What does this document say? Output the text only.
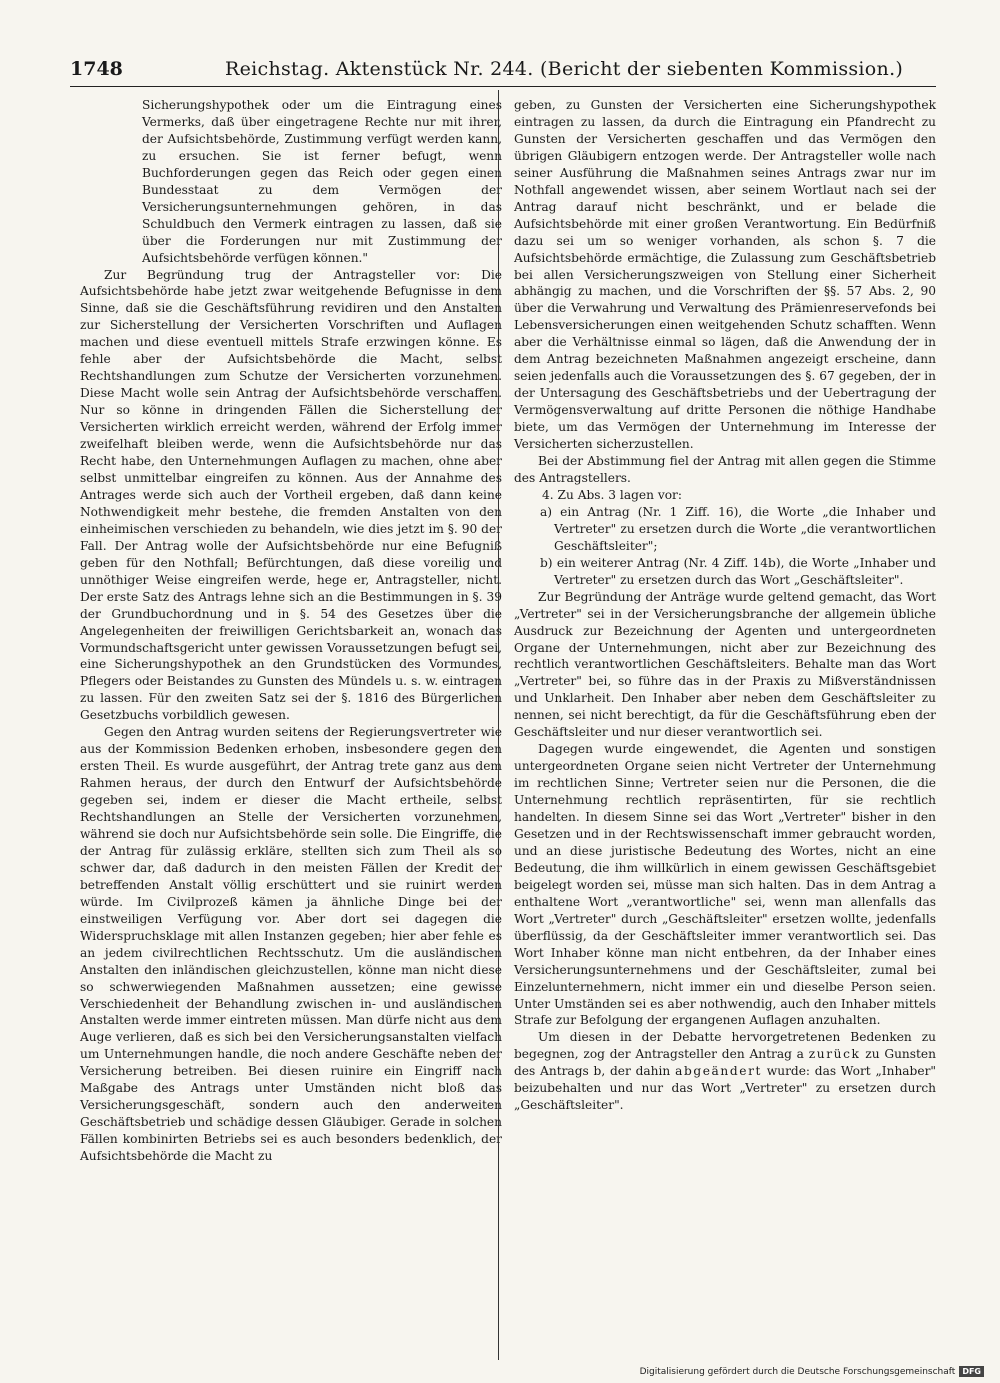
1748	Reichstag. Aktenstück Nr. 244. (Bericht der siebenten Kommission.)

Sicherungshypothek oder um die Eintragung eines Vermerks, daß über eingetragene Rechte nur mit ihrer, der Aufsichtsbehörde, Zustimmung verfügt werden kann, zu ersuchen. Sie ist ferner befugt, wenn Buchforderungen gegen das Reich oder gegen einen Bundesstaat zu dem Vermögen der Versicherungsunternehmungen gehören, in das Schuldbuch den Vermerk eintragen zu lassen, daß sie über die Forderungen nur mit Zustimmung der Aufsichtsbehörde verfügen können."

Zur Begründung trug der Antragsteller vor: Die Aufsichtsbehörde habe jetzt zwar weitgehende Befugnisse in dem Sinne, daß sie die Geschäftsführung revidiren und den Anstalten zur Sicherstellung der Versicherten Vorschriften und Auflagen machen und diese eventuell mittels Strafe erzwingen könne. Es fehle aber der Aufsichtsbehörde die Macht, selbst Rechtshandlungen zum Schutze der Versicherten vorzunehmen. Diese Macht wolle sein Antrag der Aufsichtsbehörde verschaffen. Nur so könne in dringenden Fällen die Sicherstellung der Versicherten wirklich erreicht werden, während der Erfolg immer zweifelhaft bleiben werde, wenn die Aufsichtsbehörde nur das Recht habe, den Unternehmungen Auflagen zu machen, ohne aber selbst unmittelbar eingreifen zu können. Aus der Annahme des Antrages werde sich auch der Vortheil ergeben, daß dann keine Nothwendigkeit mehr bestehe, die fremden Anstalten von den einheimischen verschieden zu behandeln, wie dies jetzt im §. 90 der Fall. Der Antrag wolle der Aufsichtsbehörde nur eine Befugniß geben für den Nothfall; Befürchtungen, daß diese voreilig und unnöthiger Weise eingreifen werde, hege er, Antragsteller, nicht. Der erste Satz des Antrags lehne sich an die Bestimmungen in §. 39 der Grundbuchordnung und in §. 54 des Gesetzes über die Angelegenheiten der freiwilligen Gerichtsbarkeit an, wonach das Vormundschaftsgericht unter gewissen Voraussetzungen befugt sei, eine Sicherungshypothek an den Grundstücken des Vormundes, Pflegers oder Beistandes zu Gunsten des Mündels u. s. w. eintragen zu lassen. Für den zweiten Satz sei der §. 1816 des Bürgerlichen Gesetzbuchs vorbildlich gewesen.

Gegen den Antrag wurden seitens der Regierungsvertreter wie aus der Kommission Bedenken erhoben, insbesondere gegen den ersten Theil. Es wurde ausgeführt, der Antrag trete ganz aus dem Rahmen heraus, der durch den Entwurf der Aufsichtsbehörde gegeben sei, indem er dieser die Macht ertheile, selbst Rechtshandlungen an Stelle der Versicherten vorzunehmen, während sie doch nur Aufsichtsbehörde sein solle. Die Eingriffe, die der Antrag für zulässig erkläre, stellten sich zum Theil als so schwer dar, daß dadurch in den meisten Fällen der Kredit der betreffenden Anstalt völlig erschüttert und sie ruinirt werden würde. Im Civilprozeß kämen ja ähnliche Dinge bei der einstweiligen Verfügung vor. Aber dort sei dagegen die Widerspruchsklage mit allen Instanzen gegeben; hier aber fehle es an jedem civilrechtlichen Rechtsschutz. Um die ausländischen Anstalten den inländischen gleichzustellen, könne man nicht diese so schwerwiegenden Maßnahmen aussetzen; eine gewisse Verschiedenheit der Behandlung zwischen in- und ausländischen Anstalten werde immer eintreten müssen. Man dürfe nicht aus dem Auge verlieren, daß es sich bei den Versicherungsanstalten vielfach um Unternehmungen handle, die noch andere Geschäfte neben der Versicherung betreiben. Bei diesen ruinire ein Eingriff nach Maßgabe des Antrags unter Umständen nicht bloß das Versicherungsgeschäft, sondern auch den anderweiten Geschäftsbetrieb und schädige dessen Gläubiger. Gerade in solchen Fällen kombinirten Betriebs sei es auch besonders bedenklich, der Aufsichtsbehörde die Macht zu

geben, zu Gunsten der Versicherten eine Sicherungshypothek eintragen zu lassen, da durch die Eintragung ein Pfandrecht zu Gunsten der Versicherten geschaffen und das Vermögen den übrigen Gläubigern entzogen werde. Der Antragsteller wolle nach seiner Ausführung die Maßnahmen seines Antrags zwar nur im Nothfall angewendet wissen, aber seinem Wortlaut nach sei der Antrag darauf nicht beschränkt, und er belade die Aufsichtsbehörde mit einer großen Verantwortung. Ein Bedürfniß dazu sei um so weniger vorhanden, als schon §. 7 die Aufsichtsbehörde ermächtige, die Zulassung zum Geschäftsbetrieb bei allen Versicherungszweigen von Stellung einer Sicherheit abhängig zu machen, und die Vorschriften der §§. 57 Abs. 2, 90 über die Verwahrung und Verwaltung des Prämienreservefonds bei Lebensversicherungen einen weitgehenden Schutz schafften. Wenn aber die Verhältnisse einmal so lägen, daß die Anwendung der in dem Antrag bezeichneten Maßnahmen angezeigt erscheine, dann seien jedenfalls auch die Voraussetzungen des §. 67 gegeben, der in der Untersagung des Geschäftsbetriebs und der Uebertragung der Vermögensverwaltung auf dritte Personen die nöthige Handhabe biete, um das Vermögen der Unternehmung im Interesse der Versicherten sicherzustellen.

Bei der Abstimmung fiel der Antrag mit allen gegen die Stimme des Antragstellers.

4. Zu Abs. 3 lagen vor:

a) ein Antrag (Nr. 1 Ziff. 16), die Worte „die Inhaber und Vertreter" zu ersetzen durch die Worte „die verantwortlichen Geschäftsleiter";

b) ein weiterer Antrag (Nr. 4 Ziff. 14b), die Worte „Inhaber und Vertreter" zu ersetzen durch das Wort „Geschäftsleiter".

Zur Begründung der Anträge wurde geltend gemacht, das Wort „Vertreter" sei in der Versicherungsbranche der allgemein übliche Ausdruck zur Bezeichnung der Agenten und untergeordneten Organe der Unternehmungen, nicht aber zur Bezeichnung des rechtlich verantwortlichen Geschäftsleiters. Behalte man das Wort „Vertreter" bei, so führe das in der Praxis zu Mißverständnissen und Unklarheit. Den Inhaber aber neben dem Geschäftsleiter zu nennen, sei nicht berechtigt, da für die Geschäftsführung eben der Geschäftsleiter und nur dieser verantwortlich sei.

Dagegen wurde eingewendet, die Agenten und sonstigen untergeordneten Organe seien nicht Vertreter der Unternehmung im rechtlichen Sinne; Vertreter seien nur die Personen, die die Unternehmung rechtlich repräsentirten, für sie rechtlich handelten. In diesem Sinne sei das Wort „Vertreter" bisher in den Gesetzen und in der Rechtswissenschaft immer gebraucht worden, und an diese juristische Bedeutung des Wortes, nicht an eine Bedeutung, die ihm willkürlich in einem gewissen Geschäftsgebiet beigelegt worden sei, müsse man sich halten. Das in dem Antrag a enthaltene Wort „verantwortliche" sei, wenn man allenfalls das Wort „Vertreter" durch „Geschäftsleiter" ersetzen wollte, jedenfalls überflüssig, da der Geschäftsleiter immer verantwortlich sei. Das Wort Inhaber könne man nicht entbehren, da der Inhaber eines Versicherungsunternehmens und der Geschäftsleiter, zumal bei Einzelunternehmern, nicht immer ein und dieselbe Person seien. Unter Umständen sei es aber nothwendig, auch den Inhaber mittels Strafe zur Befolgung der ergangenen Auflagen anzuhalten.

Um diesen in der Debatte hervorgetretenen Bedenken zu begegnen, zog der Antragsteller den Antrag a zurück zu Gunsten des Antrags b, der dahin abgeändert wurde: das Wort „Inhaber" beizubehalten und nur das Wort „Vertreter" zu ersetzen durch „Geschäftsleiter".

Digitalisierung gefördert durch die Deutsche Forschungsgemeinschaft DFG
